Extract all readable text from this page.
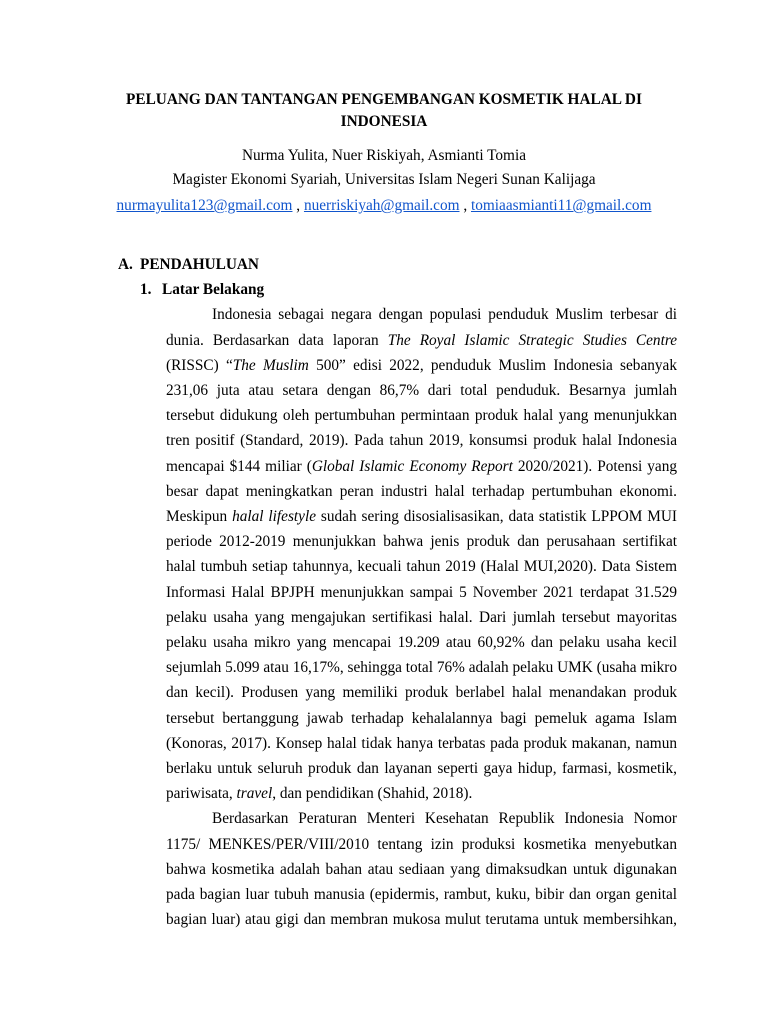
PELUANG DAN TANTANGAN PENGEMBANGAN KOSMETIK HALAL DI
INDONESIA
Nurma Yulita, Nuer Riskiyah, Asmianti Tomia
Magister Ekonomi Syariah, Universitas Islam Negeri Sunan Kalijaga
nurmayulita123@gmail.com , nuerriskiyah@gmail.com , tomiaasmianti11@gmail.com
A. PENDAHULUAN
1. Latar Belakang
Indonesia sebagai negara dengan populasi penduduk Muslim terbesar di
dunia. Berdasarkan data laporan The Royal Islamic Strategic Studies Centre
(RISSC) “The Muslim 500” edisi 2022, penduduk Muslim Indonesia sebanyak
231,06 juta atau setara dengan 86,7% dari total penduduk. Besarnya jumlah
tersebut didukung oleh pertumbuhan permintaan produk halal yang menunjukkan
tren positif (Standard, 2019). Pada tahun 2019, konsumsi produk halal Indonesia
mencapai $144 miliar (Global Islamic Economy Report 2020/2021). Potensi yang
besar dapat meningkatkan peran industri halal terhadap pertumbuhan ekonomi.
Meskipun halal lifestyle sudah sering disosialisasikan, data statistik LPPOM MUI
periode 2012-2019 menunjukkan bahwa jenis produk dan perusahaan sertifikat
halal tumbuh setiap tahunnya, kecuali tahun 2019 (Halal MUI,2020). Data Sistem
Informasi Halal BPJPH menunjukkan sampai 5 November 2021 terdapat 31.529
pelaku usaha yang mengajukan sertifikasi halal. Dari jumlah tersebut mayoritas
pelaku usaha mikro yang mencapai 19.209 atau 60,92% dan pelaku usaha kecil
sejumlah 5.099 atau 16,17%, sehingga total 76% adalah pelaku UMK (usaha mikro
dan kecil). Produsen yang memiliki produk berlabel halal menandakan produk
tersebut bertanggung jawab terhadap kehalalannya bagi pemeluk agama Islam
(Konoras, 2017). Konsep halal tidak hanya terbatas pada produk makanan, namun
berlaku untuk seluruh produk dan layanan seperti gaya hidup, farmasi, kosmetik,
pariwisata, travel, dan pendidikan (Shahid, 2018).
Berdasarkan Peraturan Menteri Kesehatan Republik Indonesia Nomor
1175/ MENKES/PER/VIII/2010 tentang izin produksi kosmetika menyebutkan
bahwa kosmetika adalah bahan atau sediaan yang dimaksudkan untuk digunakan
pada bagian luar tubuh manusia (epidermis, rambut, kuku, bibir dan organ genital
bagian luar) atau gigi dan membran mukosa mulut terutama untuk membersihkan,
